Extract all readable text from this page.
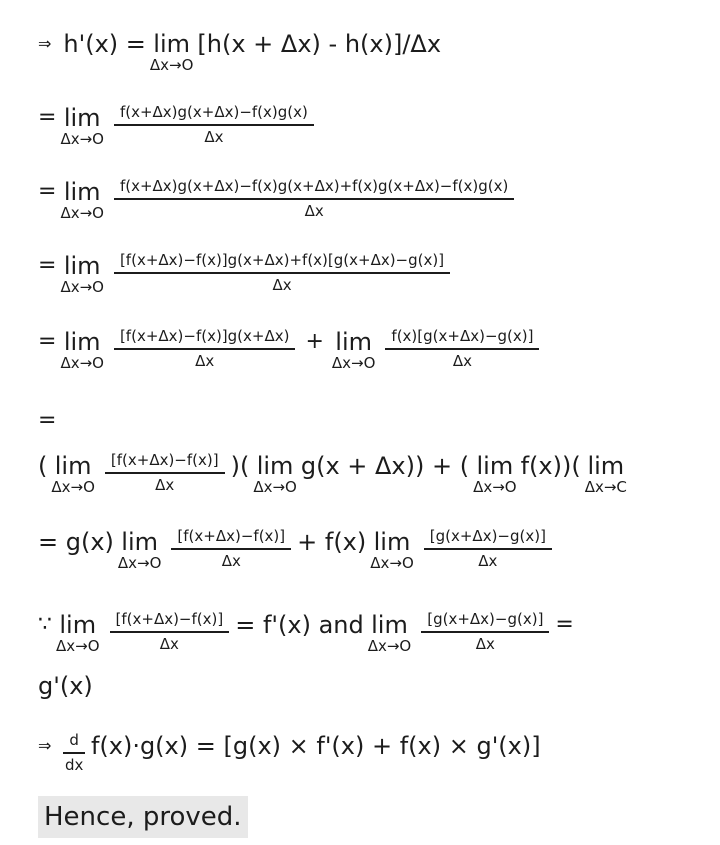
⇒ h'(x) = lim
Δx→O
[h(x + Δx) - h(x)]/Δx
= lim
$\Delta x\to O \frac{f(x+\Delta x)g(x+\Delta x)-f(x)g(x)}{\Delta x}$
= lim
$\Delta x\to O \frac{f(x+\Delta x)g(x+\Delta x)-f(x)g(x+\Delta x)+f(x)g(x+\Delta x)-f(x)g(x)}{\Delta x}$
= lim
$\Delta x\to O \frac{[f(x+\Delta x)-f(x)]g(x+\Delta x)+f(x)[g(x+\Delta x)-g(x)]}{\Delta x}$
= lim
$\Delta x\to O \frac{[f(x+\Delta x)-f(x)]g(x+\Delta x)}{\Delta x} + \lim$
$\Delta x\to O \frac{f(x)[g(x+\Delta x)-g(x)]}{\Delta x}$
=
( lim
$\Delta x\to O \frac{[f(x+\Delta x)-f(x)]}{\Delta x}$ )( lim
Δx→O
g(x + Δx)) + ( lim
Δx→O
f(x))( lim
Δx→C
= g(x) lim
$\Delta x\to O \frac{[f(x+\Delta x)-f(x)]}{\Delta x} + f(x)$ lim
$\Delta x\to O \frac{[g(x+\Delta x)-g(x)]}{\Delta x}$
∵ lim
$\Delta x\to O \frac{[f(x+\Delta x)-f(x)]}{\Delta x} = f'(x)$ and lim
$\Delta x\to O \frac{[g(x+\Delta x)-g(x)]}{\Delta x}$ =
g'(x)
⇒ $\frac{d}{dx} f(x)\cdot g(x) = [g(x) \times f'(x) + f(x) \times g'(x)]$
Hence, proved.
